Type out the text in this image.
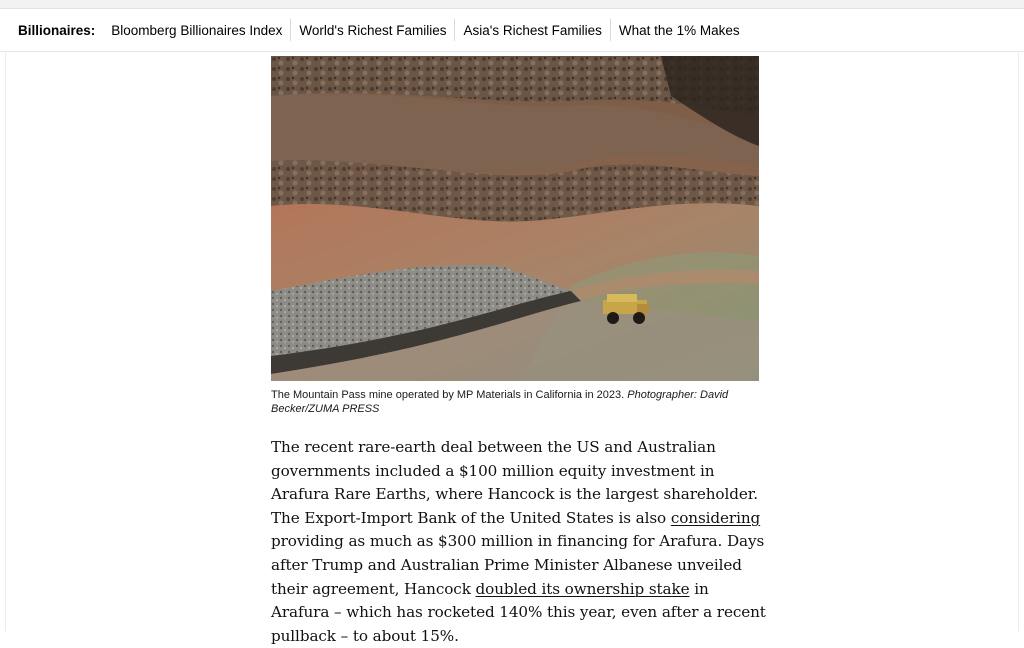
Billionaires:	Bloomberg Billionaires Index	World's Richest Families	Asia's Richest Families	What the 1% Makes
The Mountain Pass mine operated by MP Materials in California in 2023. Photographer: David Becker/ZUMA PRESS

The recent rare-earth deal between the US and Australian governments included a $100 million equity investment in Arafura Rare Earths, where Hancock is the largest shareholder. The Export-Import Bank of the United States is also considering providing as much as $300 million in financing for Arafura. Days after Trump and Australian Prime Minister Albanese unveiled their agreement, Hancock doubled its ownership stake in Arafura – which has rocketed 140% this year, even after a recent pullback – to about 15%.
